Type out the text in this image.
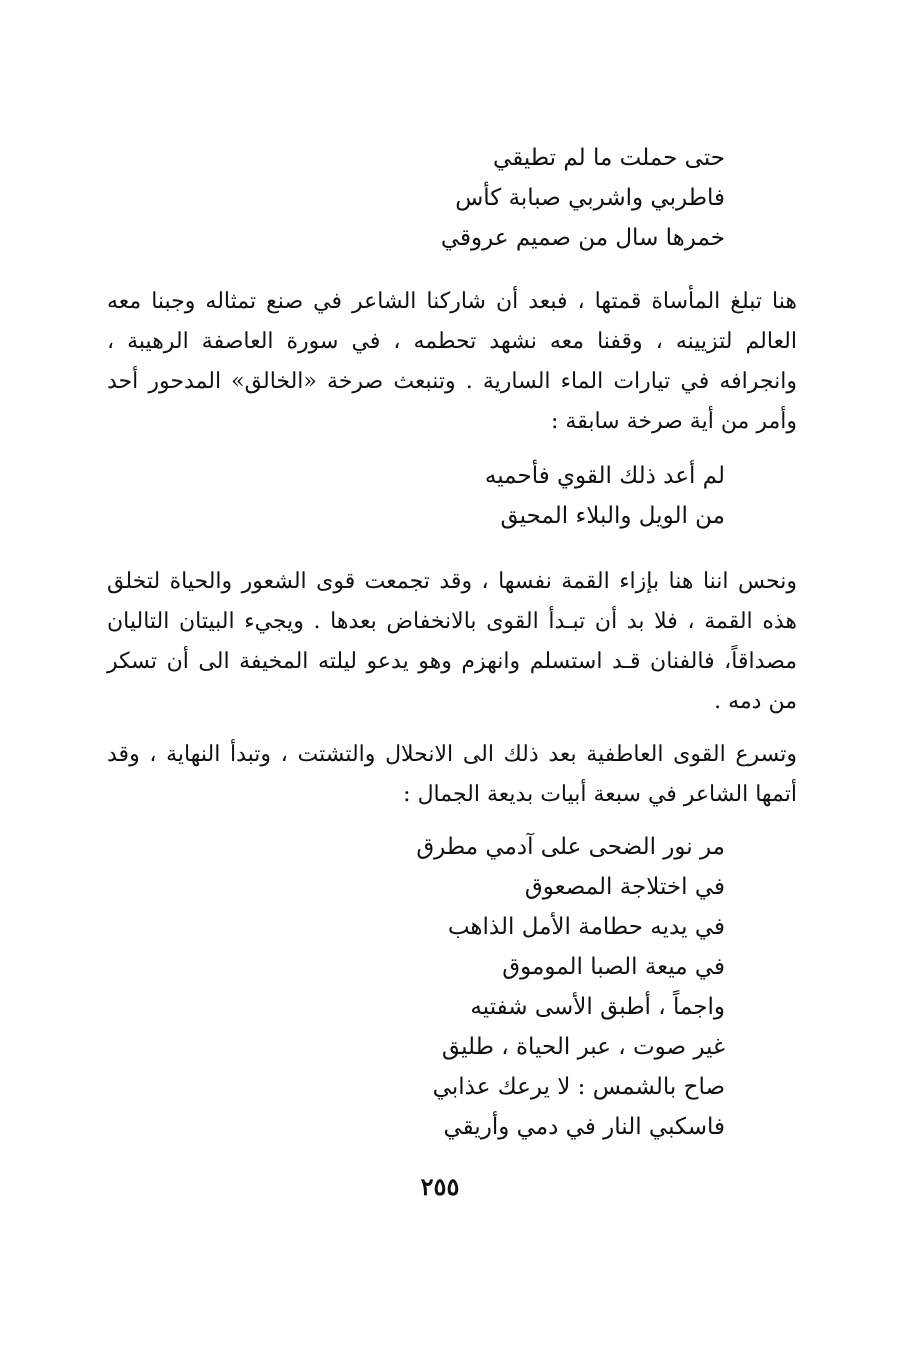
حتى حملت ما لم تطيقي
فاطربي واشربي صبابة كأس
خمرها سال من صميم عروقي

هنا تبلغ المأساة قمتها ، فبعد أن شاركنا الشاعر في صنع تمثاله وجبنا معه العالم لتزيينه ، وقفنا معه نشهد تحطمه ، في سورة العاصفة الرهيبة ، وانجرافه في تيارات الماء السارية . وتنبعث صرخة «الخالق» المدحور أحد وأمر من أية صرخة سابقة :

لم أعد ذلك القوي فأحميه
من الويل والبلاء المحيق

ونحس اننا هنا بإزاء القمة نفسها ، وقد تجمعت قوى الشعور والحياة لتخلق هذه القمة ، فلا بد أن تبـدأ القوى بالانخفاض بعدها . ويجيء البيتان التاليان مصداقاً، فالفنان قـد استسلم وانهزم وهو يدعو ليلته المخيفة الى أن تسكر من دمه .

وتسرع القوى العاطفية بعد ذلك الى الانحلال والتشتت ، وتبدأ النهاية ، وقد أتمها الشاعر في سبعة أبيات بديعة الجمال :

مر نور الضحى على آدمي مطرق
في اختلاجة المصعوق
في يديه حطامة الأمل الذاهب
في ميعة الصبا الموموق
واجماً ، أطبق الأسى شفتيه
غير صوت ، عبر الحياة ، طليق
صاح بالشمس : لا يرعك عذابي
فاسكبي النار في دمي وأريقي
٢٥٥
